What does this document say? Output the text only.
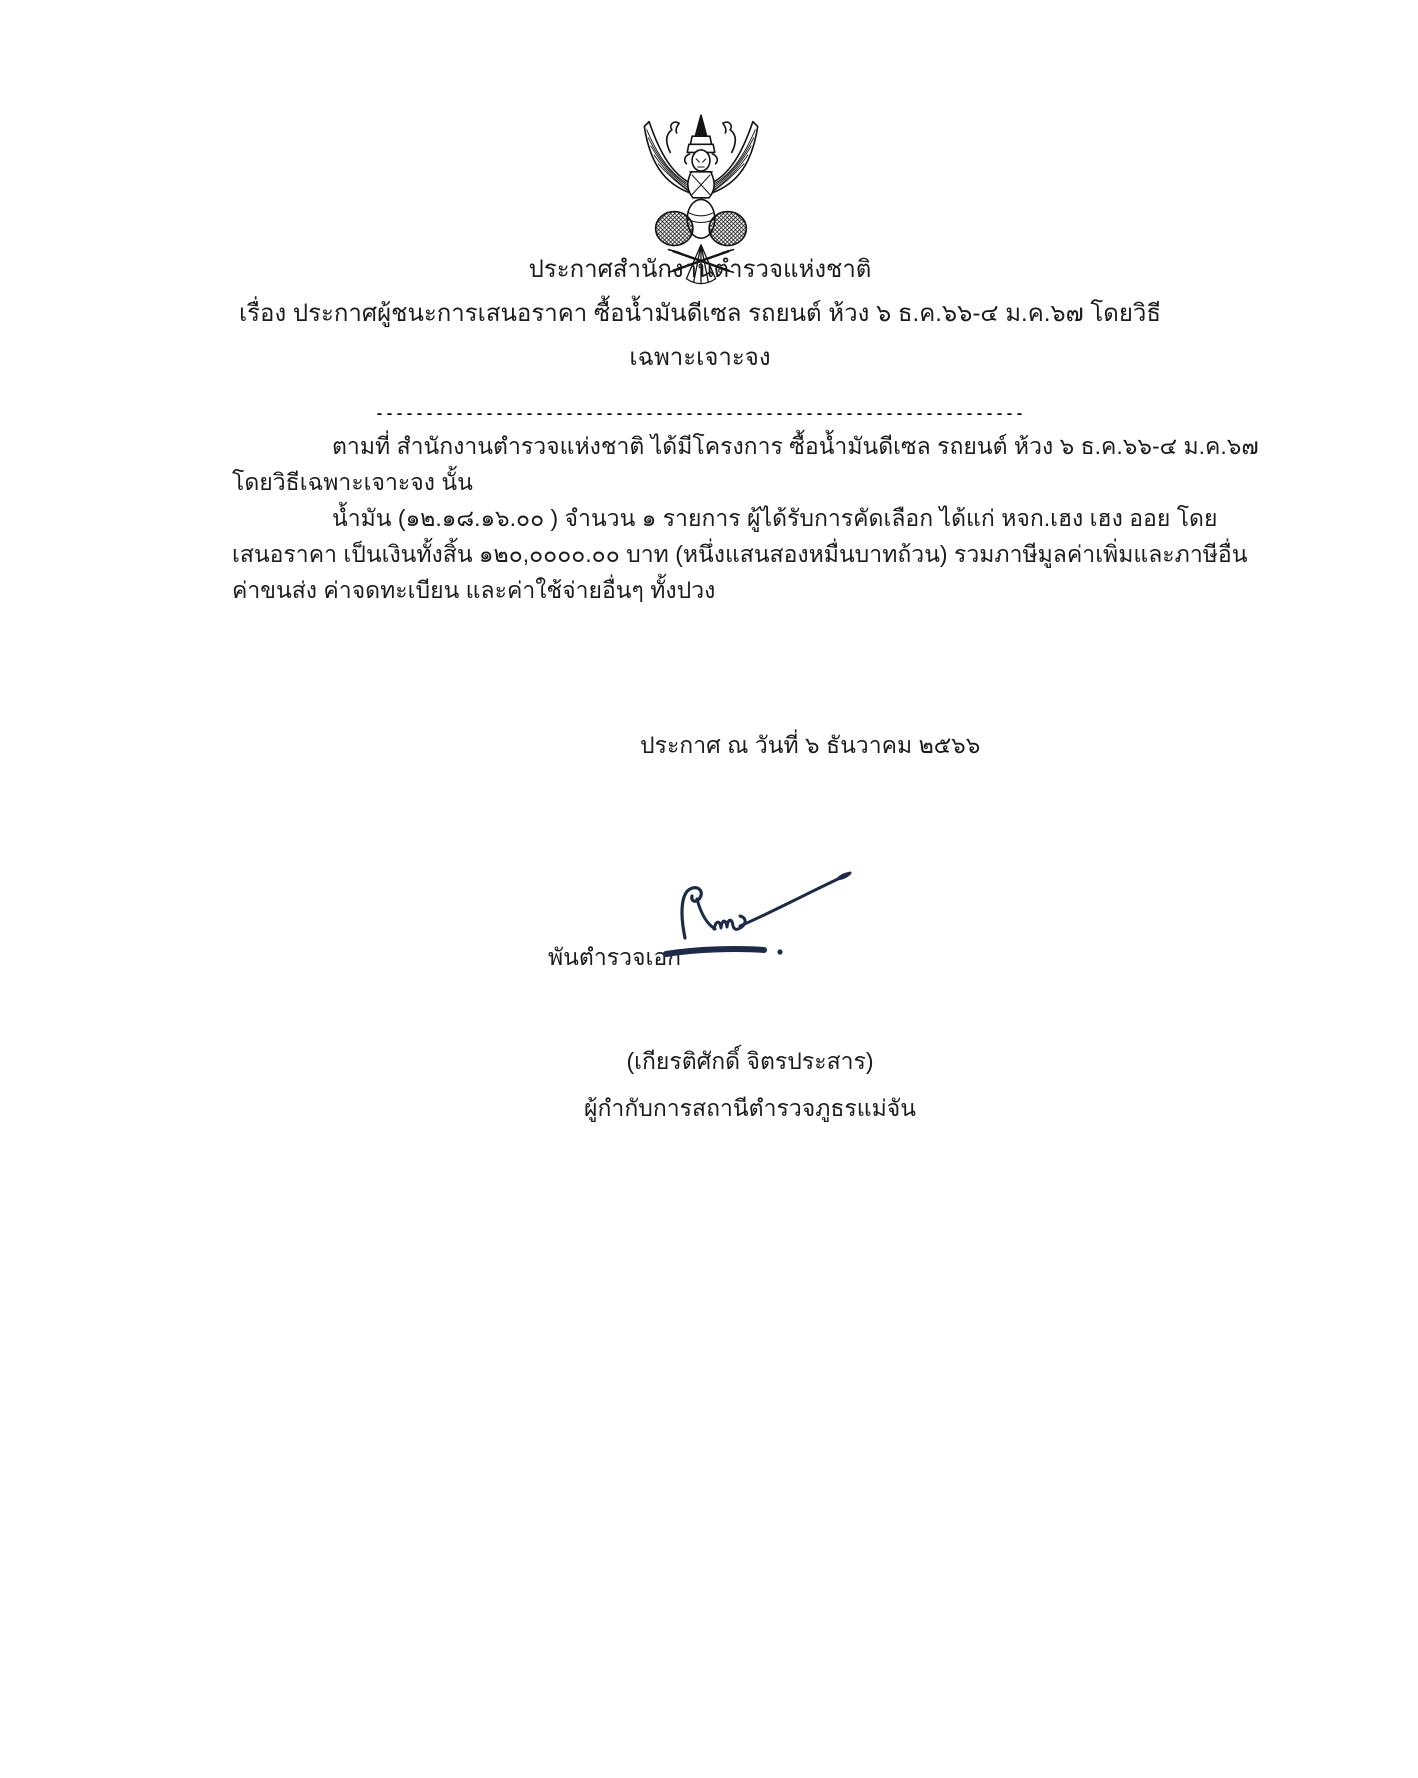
ประกาศสำนักงานตำรวจแห่งชาติ
เรื่อง ประกาศผู้ชนะการเสนอราคา ซื้อน้ำมันดีเซล รถยนต์ ห้วง ๖ ธ.ค.๖๖-๔ ม.ค.๖๗ โดยวิธี
เฉพาะเจาะจง
-----------------------------------------------------------------
ตามที่ สำนักงานตำรวจแห่งชาติ ได้มีโครงการ ซื้อน้ำมันดีเซล รถยนต์ ห้วง ๖ ธ.ค.๖๖-๔ ม.ค.๖๗
โดยวิธีเฉพาะเจาะจง นั้น
น้ำมัน (๑๒.๑๘.๑๖.๐๐ ) จำนวน ๑ รายการ ผู้ได้รับการคัดเลือก ได้แก่ หจก.เฮง เฮง ออย โดย
เสนอราคา เป็นเงินทั้งสิ้น ๑๒๐,๐๐๐๐.๐๐ บาท (หนึ่งแสนสองหมื่นบาทถ้วน) รวมภาษีมูลค่าเพิ่มและภาษีอื่น
ค่าขนส่ง ค่าจดทะเบียน และค่าใช้จ่ายอื่นๆ ทั้งปวง
ประกาศ ณ วันที่ ๖ ธันวาคม ๒๕๖๖
พันตำรวจเอก
(เกียรติศักดิ์ จิตรประสาร)
ผู้กำกับการสถานีตำรวจภูธรแม่จัน
